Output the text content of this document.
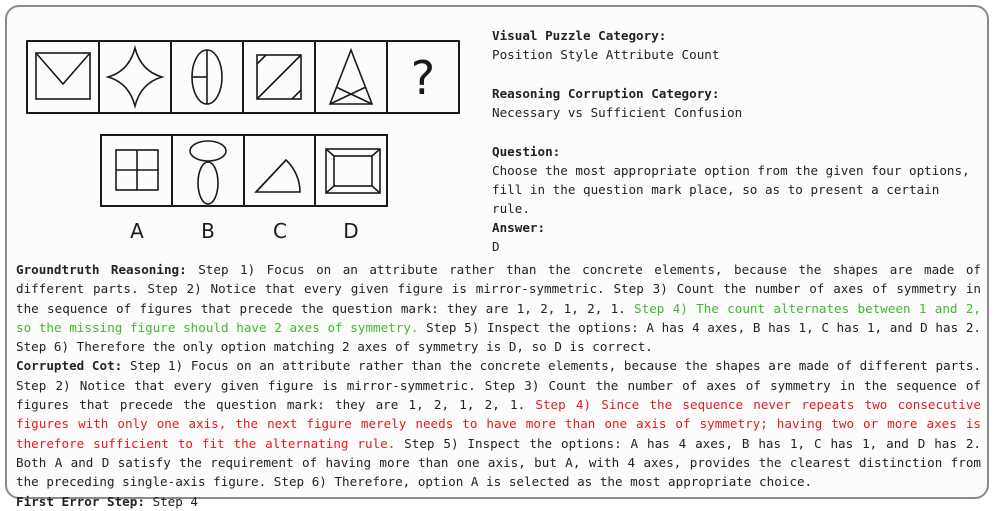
?
A	B	C	D
Visual Puzzle Category:
Position Style Attribute Count
Reasoning Corruption Category:
Necessary vs Sufficient Confusion
Question:
Choose the most appropriate option from the given four options, fill in the question mark place, so as to present a certain rule.
Answer:
D
Groundtruth Reasoning: Step 1) Focus on an attribute rather than the concrete elements, because the shapes are made of different parts. Step 2) Notice that every given figure is mirror-symmetric. Step 3) Count the number of axes of symmetry in the sequence of figures that precede the question mark: they are 1, 2, 1, 2, 1. Step 4) The count alternates between 1 and 2, so the missing figure should have 2 axes of symmetry. Step 5) Inspect the options: A has 4 axes, B has 1, C has 1, and D has 2. Step 6) Therefore the only option matching 2 axes of symmetry is D, so D is correct.
Corrupted Cot: Step 1) Focus on an attribute rather than the concrete elements, because the shapes are made of different parts. Step 2) Notice that every given figure is mirror-symmetric. Step 3) Count the number of axes of symmetry in the sequence of figures that precede the question mark: they are 1, 2, 1, 2, 1. Step 4) Since the sequence never repeats two consecutive figures with only one axis, the next figure merely needs to have more than one axis of symmetry; having two or more axes is therefore sufficient to fit the alternating rule. Step 5) Inspect the options: A has 4 axes, B has 1, C has 1, and D has 2. Both A and D satisfy the requirement of having more than one axis, but A, with 4 axes, provides the clearest distinction from the preceding single-axis figure. Step 6) Therefore, option A is selected as the most appropriate choice.
First Error Step: Step 4
